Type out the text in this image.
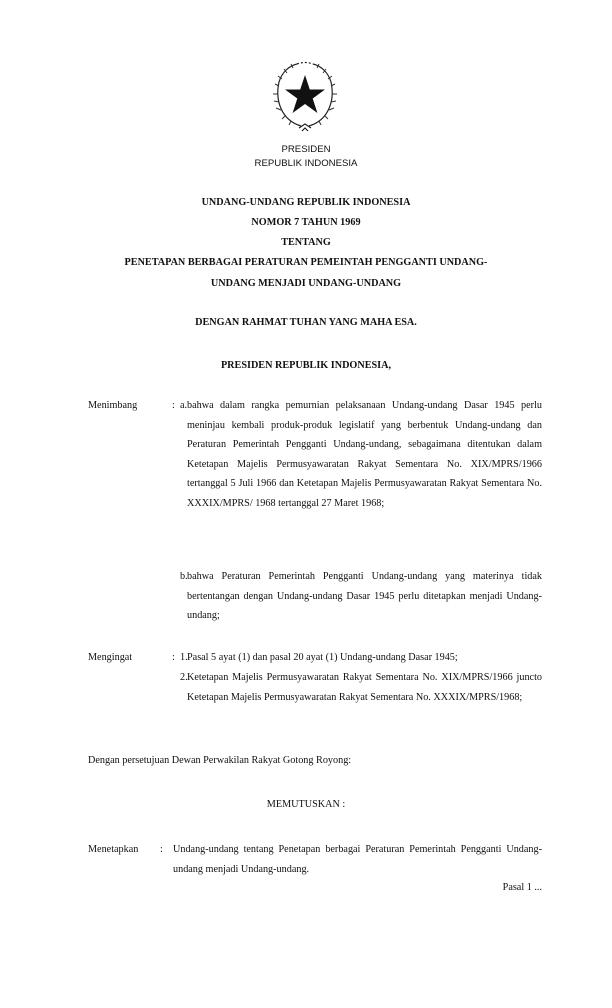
PRESIDEN
REPUBLIK INDONESIA
UNDANG-UNDANG REPUBLIK INDONESIA
NOMOR 7 TAHUN 1969
TENTANG
PENETAPAN BERBAGAI PERATURAN PEMEINTAH PENGGANTI UNDANG-
UNDANG MENJADI UNDANG-UNDANG
DENGAN RAHMAT TUHAN YANG MAHA ESA.
PRESIDEN REPUBLIK INDONESIA,
Menimbang	: a. bahwa dalam rangka pemurnian pelaksanaan Undang-undang Dasar 1945 perlu meninjau kembali produk-produk legislatif yang berbentuk Undang-undang dan Peraturan Pemerintah Pengganti Undang-undang, sebagaimana ditentukan dalam Ketetapan Majelis Permusyawaratan Rakyat Sementara No. XIX/MPRS/1966 tertanggal 5 Juli 1966 dan Ketetapan Majelis Permusyawaratan Rakyat Sementara No. XXXIX/MPRS/ 1968 tertanggal 27 Maret 1968;
b. bahwa Peraturan Pemerintah Pengganti Undang-undang yang materinya tidak bertentangan dengan Undang-undang Dasar 1945 perlu ditetapkan menjadi Undang-undang;
Mengingat	: 1. Pasal 5 ayat (1) dan pasal 20 ayat (1) Undang-undang Dasar 1945;
2. Ketetapan Majelis Permusyawaratan Rakyat Sementara No. XIX/MPRS/1966 juncto Ketetapan Majelis Permusyawaratan Rakyat Sementara No. XXXIX/MPRS/1968;
Dengan persetujuan Dewan Perwakilan Rakyat Gotong Royong:
MEMUTUSKAN :
Menetapkan : Undang-undang tentang Penetapan berbagai Peraturan Pemerintah Pengganti Undang-undang menjadi Undang-undang.
Pasal 1 ...
